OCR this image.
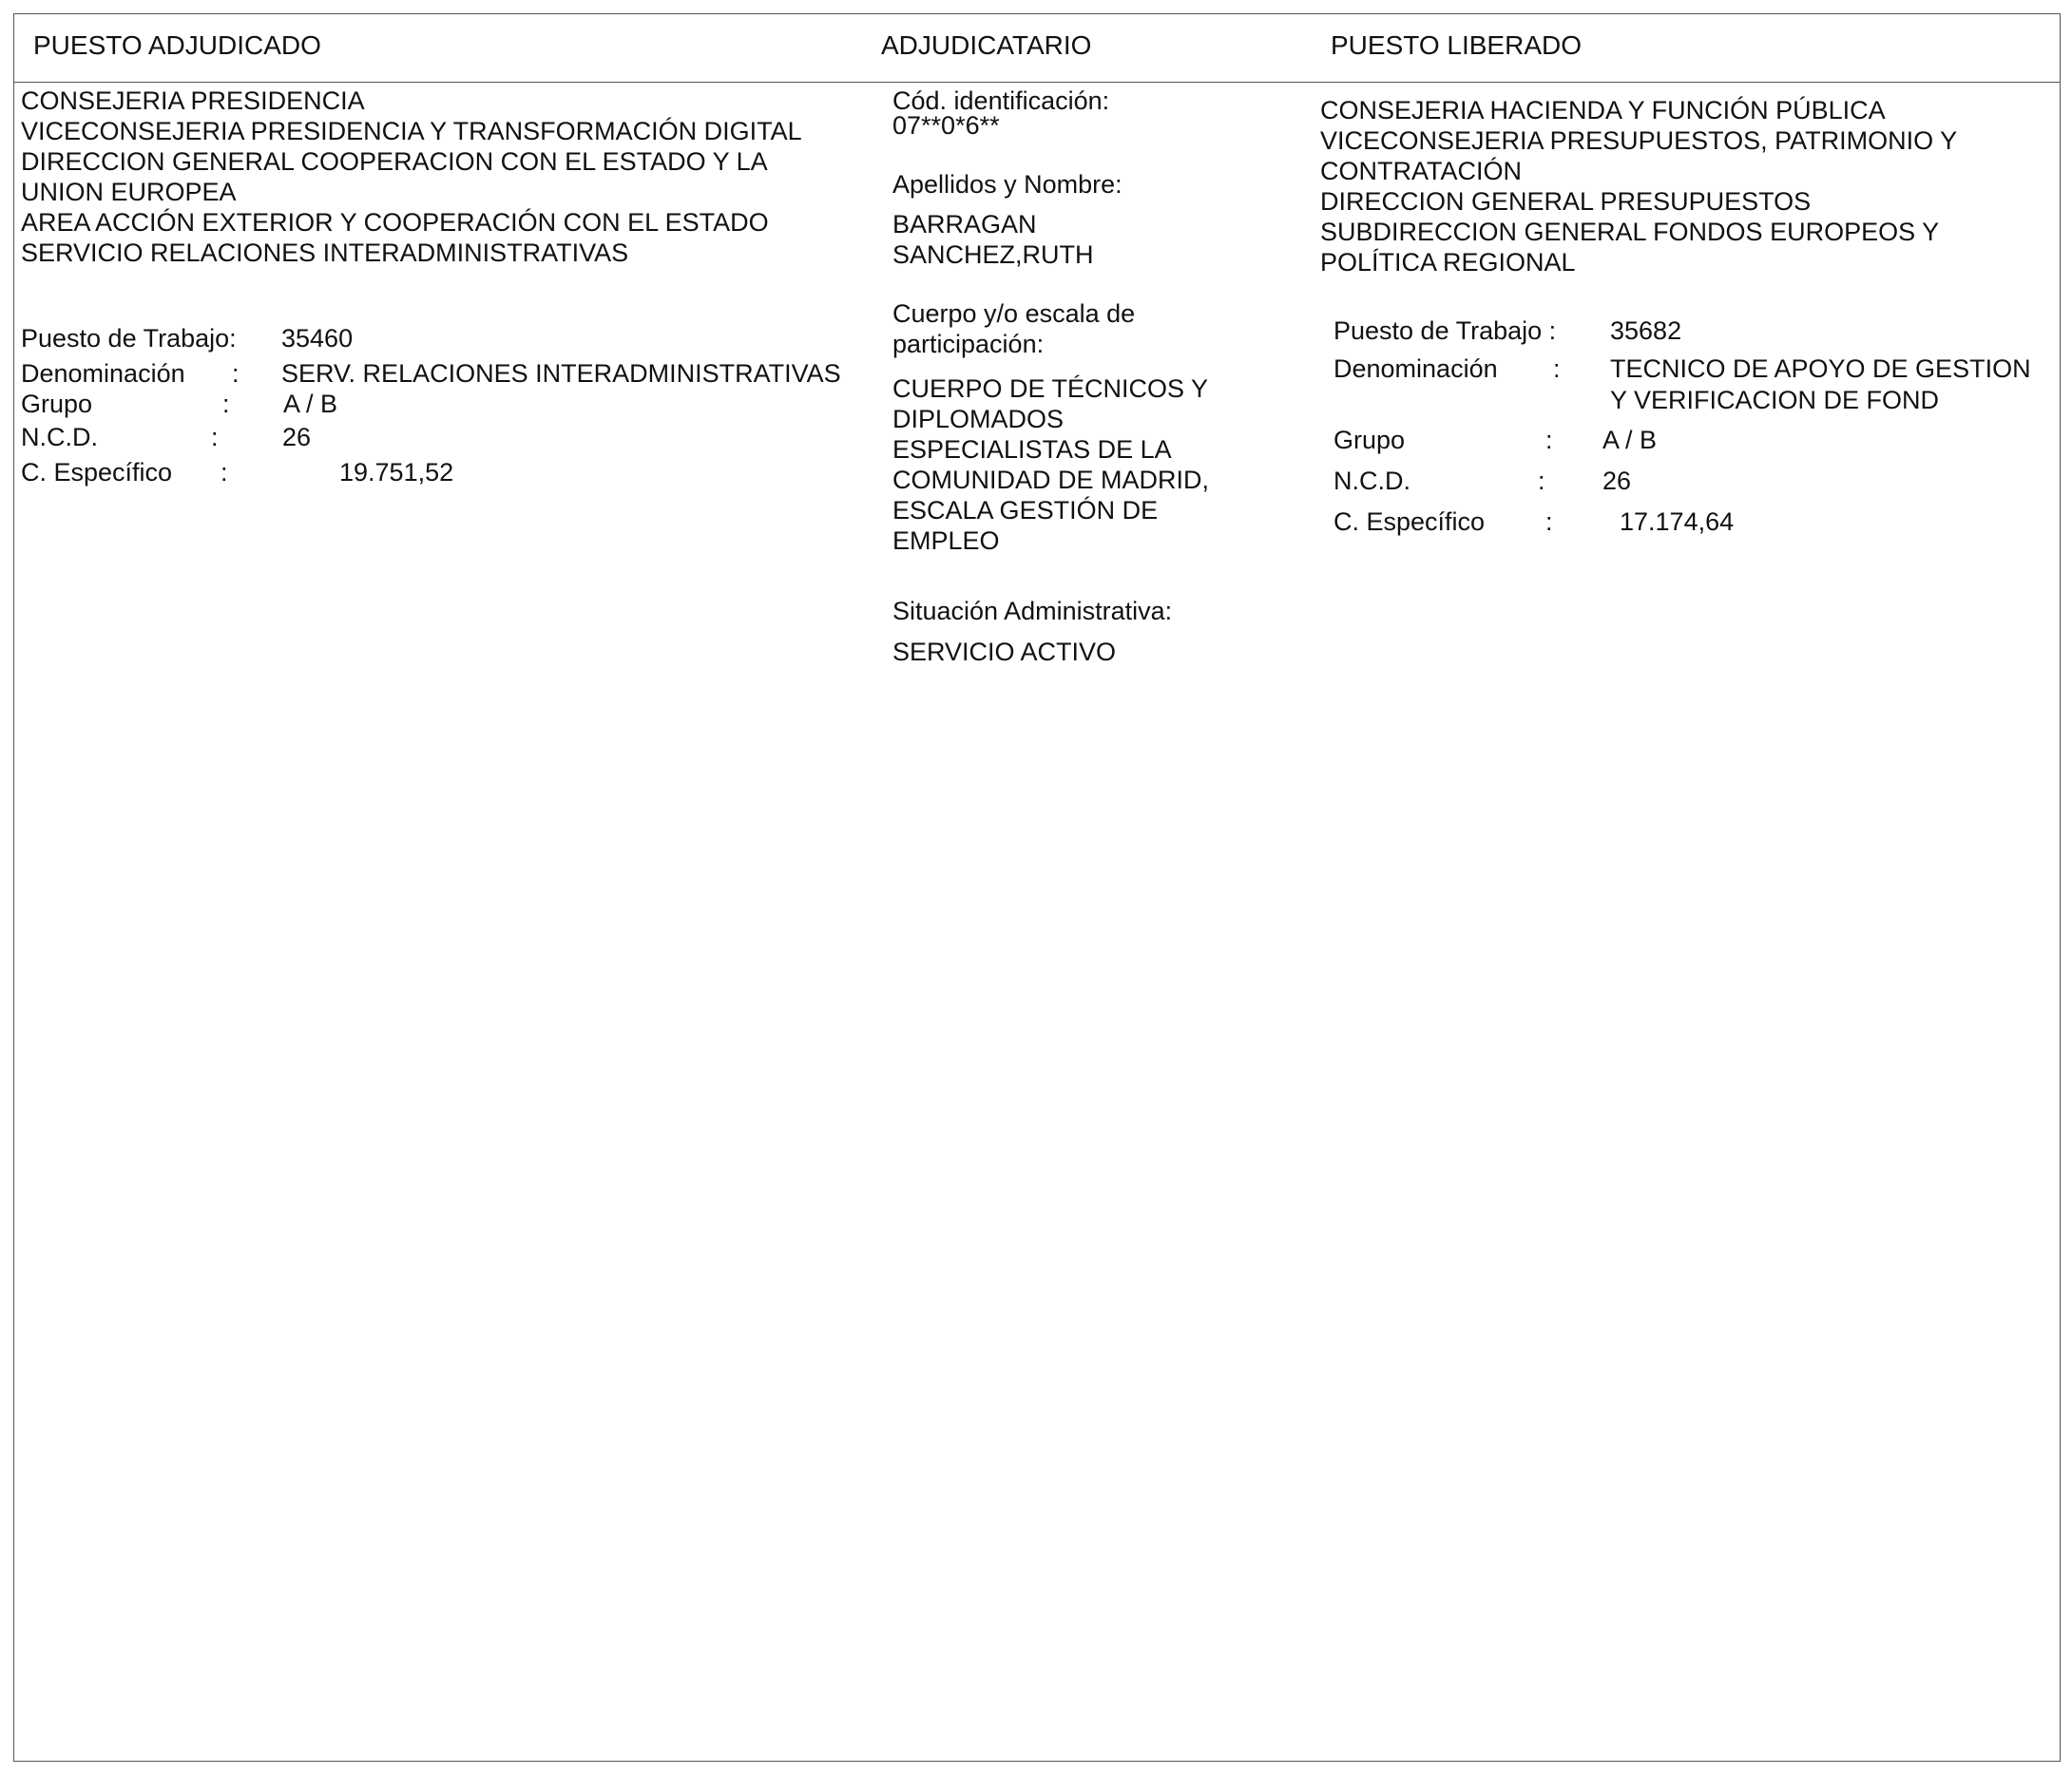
PUESTO ADJUDICADO	ADJUDICATARIO	PUESTO LIBERADO
CONSEJERIA PRESIDENCIA
VICECONSEJERIA PRESIDENCIA Y TRANSFORMACIÓN DIGITAL
DIRECCION GENERAL COOPERACION CON EL ESTADO Y LA
UNION EUROPEA
AREA ACCIÓN EXTERIOR Y COOPERACIÓN CON EL ESTADO
SERVICIO RELACIONES INTERADMINISTRATIVAS
Puesto de Trabajo: 35460
Denominación : SERV. RELACIONES INTERADMINISTRATIVAS
Grupo	: A / B
N.C.D.	: 26
C. Específico :	19.751,52
Cód. identificación:
07**0*6**
Apellidos y Nombre:
BARRAGAN
SANCHEZ,RUTH
Cuerpo y/o escala de
participación:
CUERPO DE TÉCNICOS Y
DIPLOMADOS
ESPECIALISTAS DE LA
COMUNIDAD DE MADRID,
ESCALA GESTIÓN DE
EMPLEO
Situación Administrativa:
SERVICIO ACTIVO
CONSEJERIA HACIENDA Y FUNCIÓN PÚBLICA
VICECONSEJERIA PRESUPUESTOS, PATRIMONIO Y
CONTRATACIÓN
DIRECCION GENERAL PRESUPUESTOS
SUBDIRECCION GENERAL FONDOS EUROPEOS Y
POLÍTICA REGIONAL
Puesto de Trabajo : 35682
Denominación : TECNICO DE APOYO DE GESTION
Y VERIFICACION DE FOND
Grupo	: A / B
N.C.D.	: 26
C. Específico :	17.174,64
